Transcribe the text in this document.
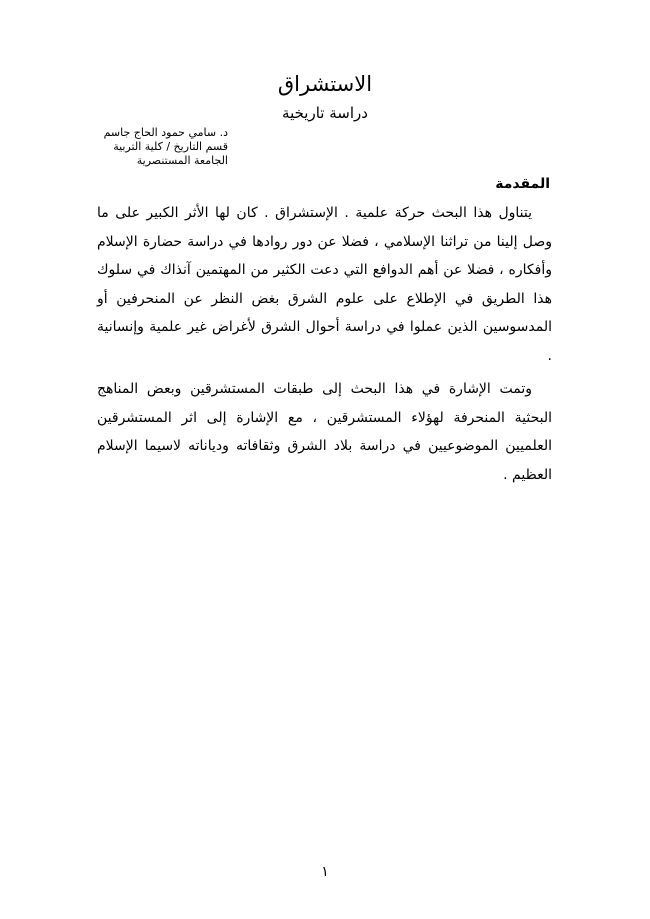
الاستشراق
دراسة تاريخية
د. سامي حمود الحاج جاسم
قسم التاريخ / كلية التربية
الجامعة المستنصرية
المقدمة

يتناول هذا البحث حركة علمية . الإستشراق . كان لها الأثر الكبير على ما وصل إلينا من تراثنا الإسلامي ، فضلا عن دور روادها في دراسة حضارة الإسلام وأفكاره ، فضلا عن أهم الدوافع التي دعت الكثير من المهتمين آنذاك في سلوك هذا الطريق في الإطلاع على علوم الشرق بغض النظر عن المنحرفين أو المدسوسين الذين عملوا في دراسة أحوال الشرق لأغراض غير علمية وإنسانية .

وتمت الإشارة في هذا البحث إلى طبقات المستشرقين وبعض المناهج البحثية المنحرفة لهؤلاء المستشرقين ، مع الإشارة إلى اثر المستشرقين العلميين الموضوعيين في دراسة بلاد الشرق وثقافاته ودياناته لاسيما الإسلام العظيم .

١
